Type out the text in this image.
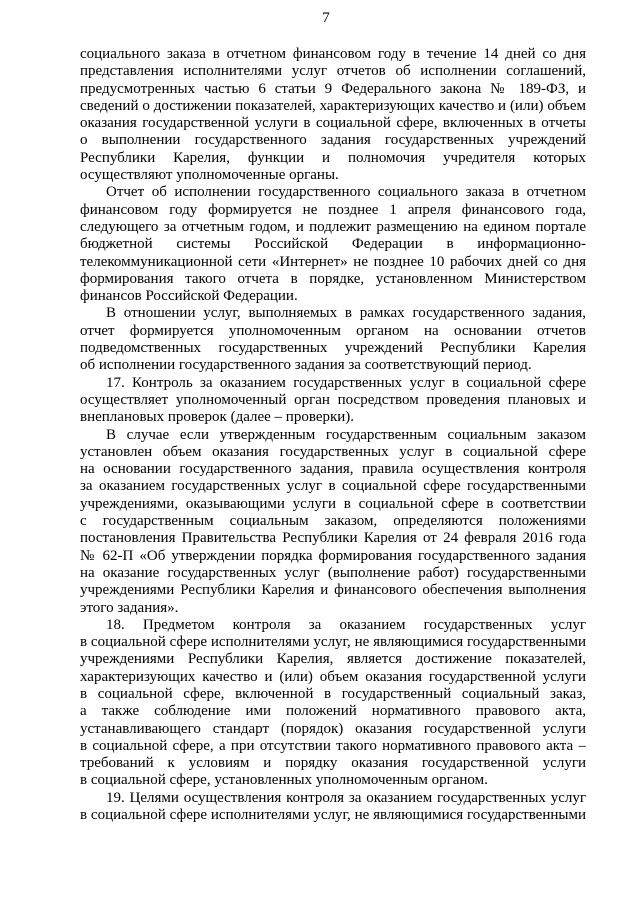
7
социального заказа в отчетном финансовом году в течение 14 дней со дня
представления исполнителями услуг отчетов об исполнении соглашений,
предусмотренных частью 6 статьи 9 Федерального закона № 189-ФЗ, и
сведений о достижении показателей, характеризующих качество и (или) объем
оказания государственной услуги в социальной сфере, включенных в отчеты
о выполнении государственного задания государственных учреждений
Республики Карелия, функции и полномочия учредителя которых
осуществляют уполномоченные органы.
Отчет об исполнении государственного социального заказа в отчетном
финансовом году формируется не позднее 1 апреля финансового года,
следующего за отчетным годом, и подлежит размещению на едином портале
бюджетной системы Российской Федерации в информационно-
телекоммуникационной сети «Интернет» не позднее 10 рабочих дней со дня
формирования такого отчета в порядке, установленном Министерством
финансов Российской Федерации.
В отношении услуг, выполняемых в рамках государственного задания,
отчет формируется уполномоченным органом на основании отчетов
подведомственных государственных учреждений Республики Карелия
об исполнении государственного задания за соответствующий период.
17. Контроль за оказанием государственных услуг в социальной сфере
осуществляет уполномоченный орган посредством проведения плановых и
внеплановых проверок (далее – проверки).
В случае если утвержденным государственным социальным заказом
установлен объем оказания государственных услуг в социальной сфере
на основании государственного задания, правила осуществления контроля
за оказанием государственных услуг в социальной сфере государственными
учреждениями, оказывающими услуги в социальной сфере в соответствии
с государственным социальным заказом, определяются положениями
постановления Правительства Республики Карелия от 24 февраля 2016 года
№ 62-П «Об утверждении порядка формирования государственного задания
на оказание государственных услуг (выполнение работ) государственными
учреждениями Республики Карелия и финансового обеспечения выполнения
этого задания».
18. Предметом контроля за оказанием государственных услуг
в социальной сфере исполнителями услуг, не являющимися государственными
учреждениями Республики Карелия, является достижение показателей,
характеризующих качество и (или) объем оказания государственной услуги
в социальной сфере, включенной в государственный социальный заказ,
а также соблюдение ими положений нормативного правового акта,
устанавливающего стандарт (порядок) оказания государственной услуги
в социальной сфере, а при отсутствии такого нормативного правового акта –
требований к условиям и порядку оказания государственной услуги
в социальной сфере, установленных уполномоченным органом.
19. Целями осуществления контроля за оказанием государственных услуг
в социальной сфере исполнителями услуг, не являющимися государственными
